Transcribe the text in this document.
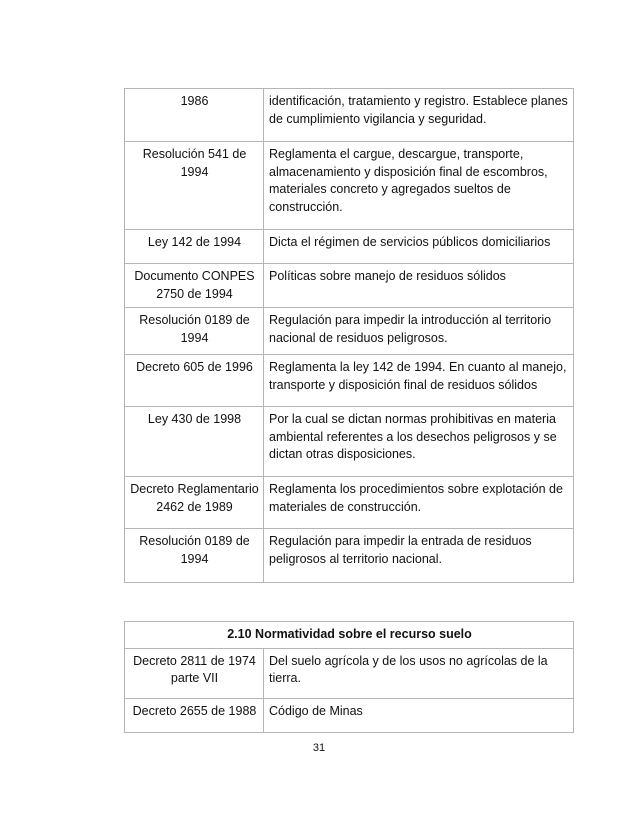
1986	identificación, tratamiento y registro. Establece planes de cumplimiento vigilancia y seguridad.
Resolución 541 de 1994	Reglamenta el cargue, descargue, transporte, almacenamiento y disposición final de escombros, materiales concreto y agregados sueltos de construcción.
Ley 142 de 1994	Dicta el régimen de servicios públicos domiciliarios
Documento CONPES 2750 de 1994	Políticas sobre manejo de residuos sólidos
Resolución 0189 de 1994	Regulación para impedir la introducción al territorio nacional de residuos peligrosos.
Decreto 605 de 1996	Reglamenta la ley 142 de 1994. En cuanto al manejo, transporte y disposición final de residuos sólidos
Ley 430 de 1998	Por la cual se dictan normas prohibitivas en materia ambiental referentes a los desechos peligrosos y se dictan otras disposiciones.
Decreto Reglamentario 2462 de 1989	Reglamenta los procedimientos sobre explotación de materiales de construcción.
Resolución 0189 de 1994	Regulación para impedir la entrada de residuos peligrosos al territorio nacional.
2.10 Normatividad sobre el recurso suelo	
Decreto 2811 de 1974 parte VII	Del suelo agrícola y de los usos no agrícolas de la tierra.
Decreto 2655 de 1988	Código de Minas
31
